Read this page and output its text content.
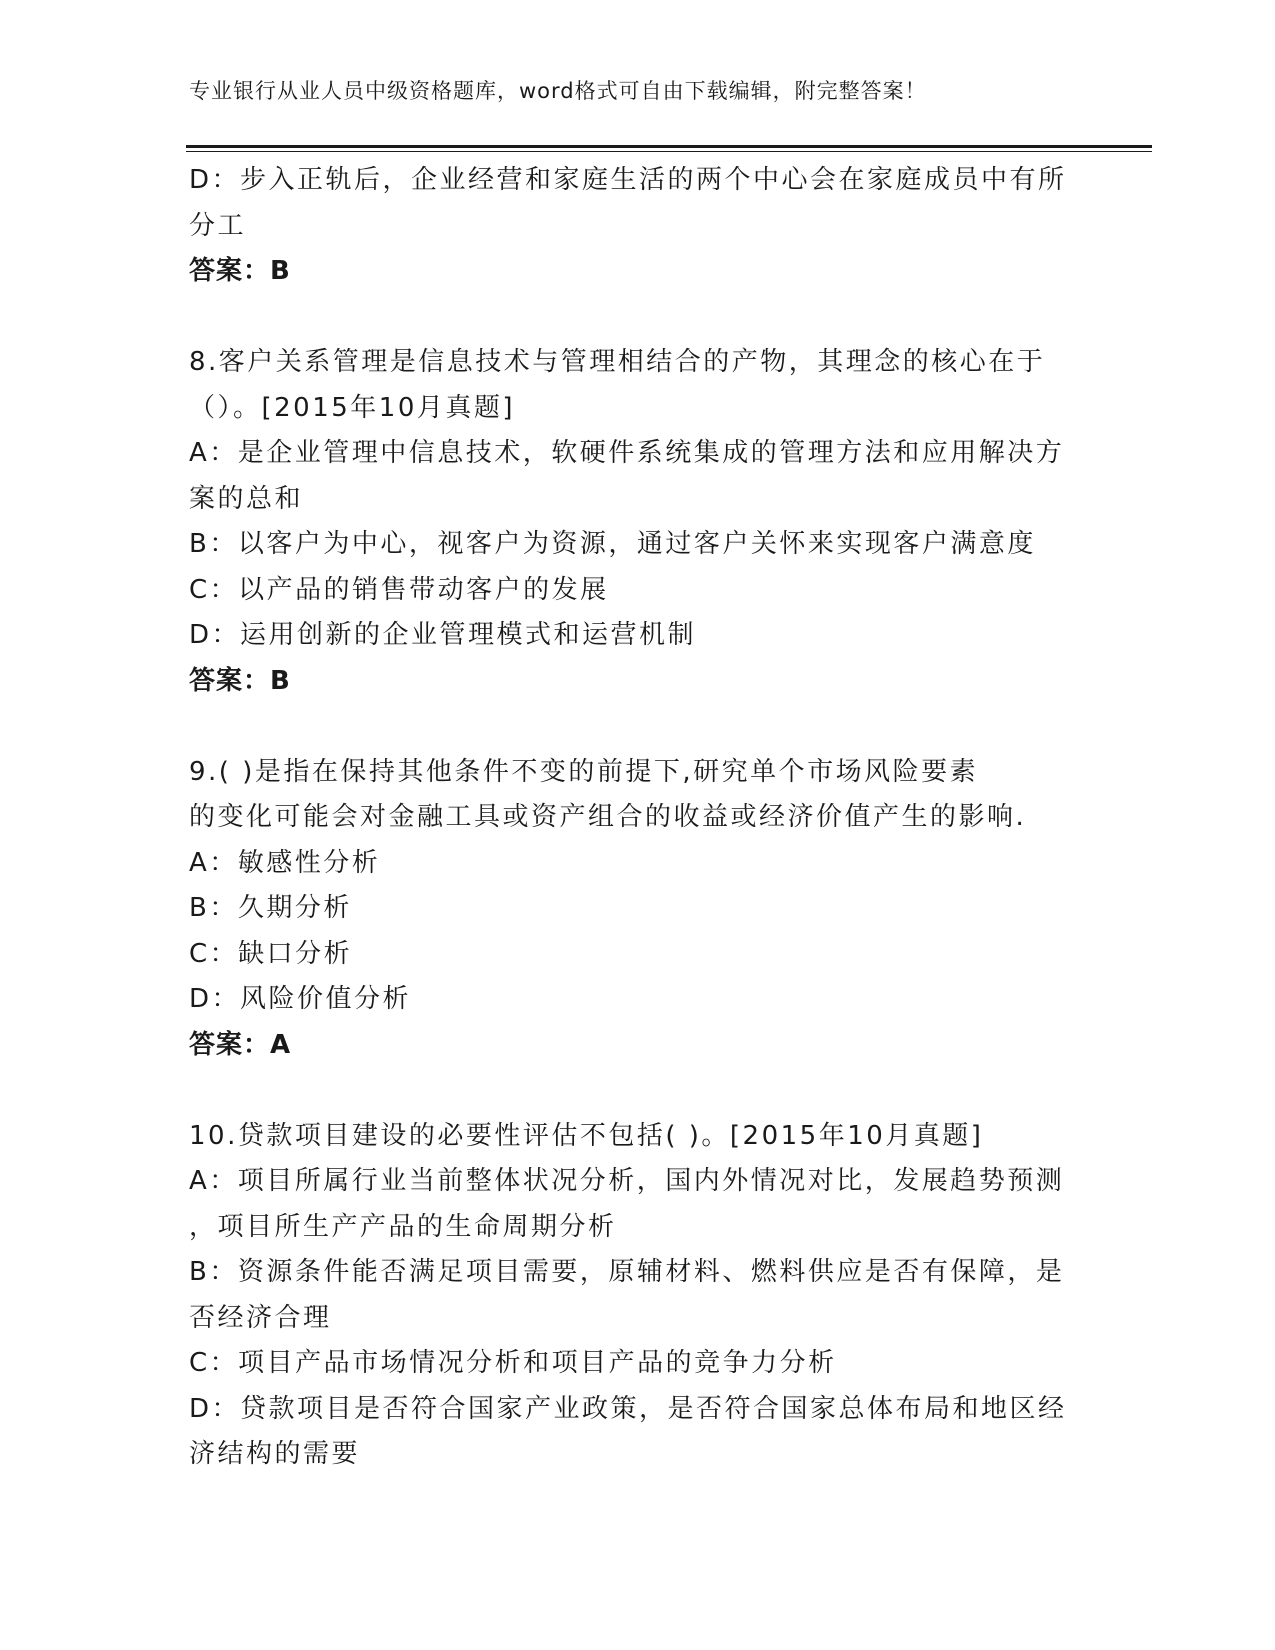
专业银行从业人员中级资格题库，word格式可自由下载编辑，附完整答案！
D：步入正轨后，企业经营和家庭生活的两个中心会在家庭成员中有所
分工
答案：B
8.客户关系管理是信息技术与管理相结合的产物，其理念的核心在于
（）。[2015年10月真题]
A：是企业管理中信息技术，软硬件系统集成的管理方法和应用解决方
案的总和
B：以客户为中心，视客户为资源，通过客户关怀来实现客户满意度
C：以产品的销售带动客户的发展
D：运用创新的企业管理模式和运营机制
答案：B
9.( )是指在保持其他条件不变的前提下,研究单个市场风险要素
的变化可能会对金融工具或资产组合的收益或经济价值产生的影响.
A：敏感性分析
B：久期分析
C：缺口分析
D：风险价值分析
答案：A
10.贷款项目建设的必要性评估不包括( )。[2015年10月真题]
A：项目所属行业当前整体状况分析，国内外情况对比，发展趋势预测
，项目所生产产品的生命周期分析
B：资源条件能否满足项目需要，原辅材料、燃料供应是否有保障，是
否经济合理
C：项目产品市场情况分析和项目产品的竞争力分析
D：贷款项目是否符合国家产业政策，是否符合国家总体布局和地区经
济结构的需要
